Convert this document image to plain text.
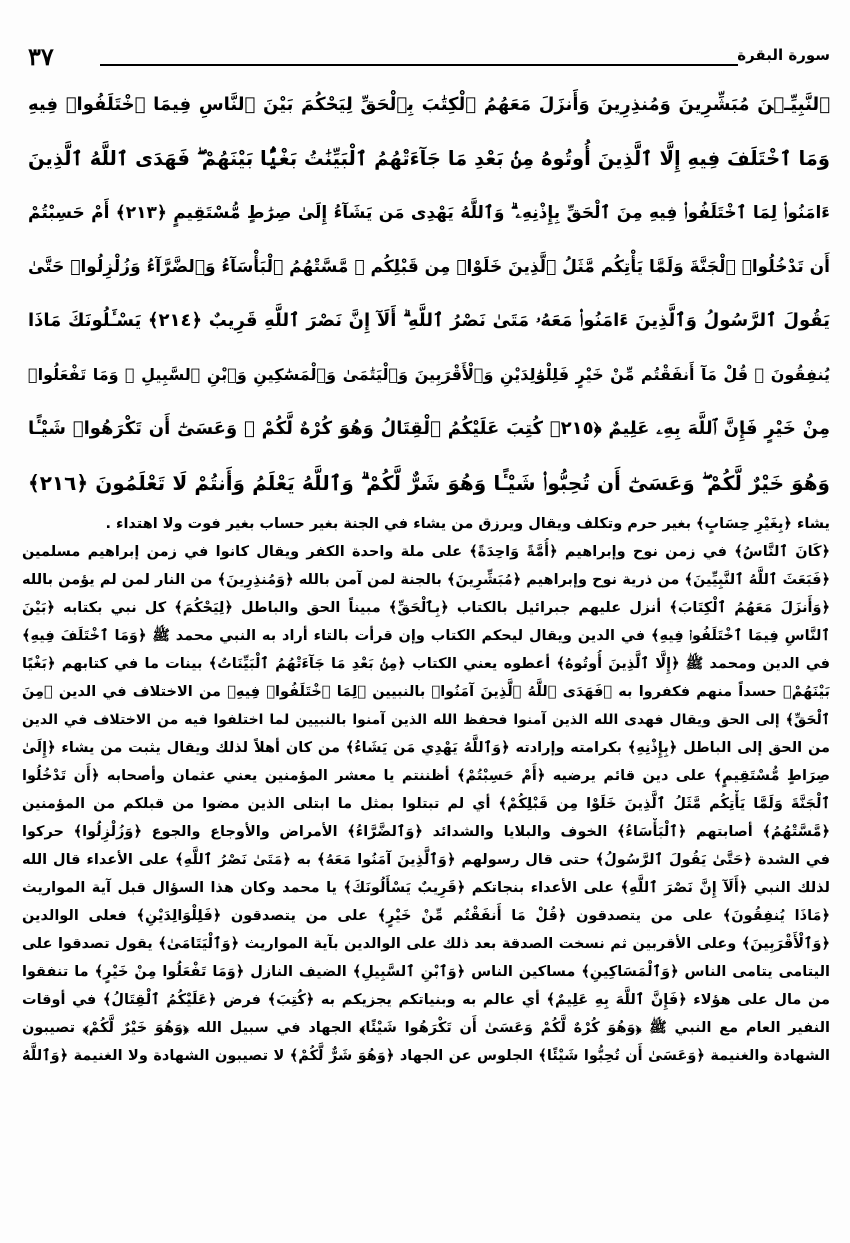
٣٧	سورة البقرة
ٱلنَّبِيِّـۧنَ مُبَشِّرِينَ وَمُنذِرِينَ وَأَنزَلَ مَعَهُمُ ٱلْكِتَٰبَ بِٱلْحَقِّ لِيَحْكُمَ بَيْنَ ٱلنَّاسِ فِيمَا ٱخْتَلَفُوا۟ فِيهِ
وَمَا ٱخْتَلَفَ فِيهِ إِلَّا ٱلَّذِينَ أُوتُوهُ مِنۢ بَعْدِ مَا جَآءَتْهُمُ ٱلْبَيِّنَٰتُ بَغْيًۢا بَيْنَهُمْ ۖ فَهَدَى ٱللَّهُ ٱلَّذِينَ
ءَامَنُوا۟ لِمَا ٱخْتَلَفُوا۟ فِيهِ مِنَ ٱلْحَقِّ بِإِذْنِهِۦ ۗ وَٱللَّهُ يَهْدِى مَن يَشَآءُ إِلَىٰ صِرَٰطٍ مُّسْتَقِيمٍ ﴿٢١٣﴾ أَمْ حَسِبْتُمْ
أَن تَدْخُلُوا۟ ٱلْجَنَّةَ وَلَمَّا يَأْتِكُم مَّثَلُ ٱلَّذِينَ خَلَوْا۟ مِن قَبْلِكُم ۖ مَّسَّتْهُمُ ٱلْبَأْسَآءُ وَٱلضَّرَّآءُ وَزُلْزِلُوا۟ حَتَّىٰ
يَقُولَ ٱلرَّسُولُ وَٱلَّذِينَ ءَامَنُوا۟ مَعَهُۥ مَتَىٰ نَصْرُ ٱللَّهِ ۗ أَلَآ إِنَّ نَصْرَ ٱللَّهِ قَرِيبٌ ﴿٢١٤﴾ يَسْـَٔلُونَكَ مَاذَا
يُنفِقُونَ ۖ قُلْ مَآ أَنفَقْتُم مِّنْ خَيْرٍ فَلِلْوَٰلِدَيْنِ وَٱلْأَقْرَبِينَ وَٱلْيَتَٰمَىٰ وَٱلْمَسَٰكِينِ وَٱبْنِ ٱلسَّبِيلِ ۗ وَمَا تَفْعَلُوا۟
مِنْ خَيْرٍ فَإِنَّ ٱللَّهَ بِهِۦ عَلِيمٌ ﴿٢١٥﴾ كُتِبَ عَلَيْكُمُ ٱلْقِتَالُ وَهُوَ كُرْهٌ لَّكُمْ ۖ وَعَسَىٰٓ أَن تَكْرَهُوا۟ شَيْـًٔا
وَهُوَ خَيْرٌ لَّكُمْ ۖ وَعَسَىٰٓ أَن تُحِبُّوا۟ شَيْـًٔا وَهُوَ شَرٌّ لَّكُمْ ۗ وَٱللَّهُ يَعْلَمُ وَأَنتُمْ لَا تَعْلَمُونَ ﴿٢١٦﴾
يشاء ﴿بِغَيْرِ حِسَابٍ﴾ بغير حرم وتكلف ويقال ويرزق من يشاء في الجنة بغير حساب بغير فوت ولا اهتداء .
﴿كَانَ ٱلنَّاسُ﴾ في زمن نوح وإبراهيم ﴿أُمَّةً وَاحِدَةً﴾ على ملة واحدة الكفر ويقال كانوا في زمن إبراهيم مسلمين
﴿فَبَعَثَ ٱللَّهُ ٱلنَّبِيِّينَ﴾ من ذرية نوح وإبراهيم ﴿مُبَشِّرِينَ﴾ بالجنة لمن آمن بالله ﴿وَمُنذِرِينَ﴾ من النار لمن لم يؤمن بالله
﴿وَأَنزَلَ مَعَهُمُ ٱلْكِتَابَ﴾ أنزل عليهم جبرائيل بالكتاب ﴿بِٱلْحَقِّ﴾ مبيناً الحق والباطل ﴿لِيَحْكُمَ﴾ كل نبي بكتابه ﴿بَيْنَ
ٱلنَّاسِ فِيمَا ٱخْتَلَفُوا۟ فِيهِ﴾ في الدين ويقال ليحكم الكتاب وإن قرأت بالتاء أراد به النبي محمد ﷺ ﴿وَمَا ٱخْتَلَفَ فِيهِ﴾
في الدين ومحمد ﷺ ﴿إِلَّا ٱلَّذِينَ أُوتُوهُ﴾ أعطوه يعني الكتاب ﴿مِنۢ بَعْدِ مَا جَآءَتْهُمُ ٱلْبَيِّنَاتُ﴾ بينات ما في كتابهم ﴿بَغْيًا
بَيْنَهُمْ﴾ حسداً منهم فكفروا به ﴿فَهَدَى ٱللَّهُ ٱلَّذِينَ آمَنُوا﴾ بالنبيين ﴿لِمَا ٱخْتَلَفُوا۟ فِيهِ﴾ من الاختلاف في الدين ﴿مِنَ
ٱلْحَقِّ﴾ إلى الحق ويقال فهدى الله الذين آمنوا فحفظ الله الذين آمنوا بالنبيين لما اختلفوا فيه من الاختلاف في الدين
من الحق إلى الباطل ﴿بِإِذْنِهِ﴾ بكرامته وإرادته ﴿وَٱللَّهُ يَهْدِي مَن يَشَاءُ﴾ من كان أهلاً لذلك ويقال يثبت من يشاء ﴿إِلَىٰ
صِرَاطٍ مُّسْتَقِيمٍ﴾ على دين قائم يرضيه ﴿أَمْ حَسِبْتُمْ﴾ أظننتم يا معشر المؤمنين يعني عثمان وأصحابه ﴿أَن تَدْخُلُوا
ٱلْجَنَّةَ وَلَمَّا يَأْتِكُم مَّثَلُ ٱلَّذِينَ خَلَوْا مِن قَبْلِكُمْ﴾ أي لم تبتلوا بمثل ما ابتلى الذين مضوا من قبلكم من المؤمنين
﴿مَّسَّتْهُمُ﴾ أصابتهم ﴿ٱلْبَأْسَاءُ﴾ الخوف والبلايا والشدائد ﴿وَٱلضَّرَّاءُ﴾ الأمراض والأوجاع والجوع ﴿وَزُلْزِلُوا﴾ حركوا
في الشدة ﴿حَتَّىٰ يَقُولَ ٱلرَّسُولُ﴾ حتى قال رسولهم ﴿وَٱلَّذِينَ آمَنُوا مَعَهُ﴾ به ﴿مَتَىٰ نَصْرُ ٱللَّهِ﴾ على الأعداء قال الله
لذلك النبي ﴿أَلَآ إِنَّ نَصْرَ ٱللَّهِ﴾ على الأعداء بنجاتكم ﴿قَرِيبٌ يَسْأَلُونَكَ﴾ يا محمد وكان هذا السؤال قبل آية المواريث
﴿مَاذَا يُنفِقُونَ﴾ على من يتصدقون ﴿قُلْ مَا أَنفَقْتُم مِّنْ خَيْرٍ﴾ على من يتصدقون ﴿فَلِلْوَالِدَيْنِ﴾ فعلى الوالدين
﴿وَٱلْأَقْرَبِينَ﴾ وعلى الأقربين ثم نسخت الصدقة بعد ذلك على الوالدين بآية المواريث ﴿وَٱلْيَتَامَىٰ﴾ يقول تصدقوا على
اليتامى يتامى الناس ﴿وَٱلْمَسَاكِينِ﴾ مساكين الناس ﴿وَٱبْنِ ٱلسَّبِيلِ﴾ الضيف النازل ﴿وَمَا تَفْعَلُوا مِنْ خَيْرٍ﴾ ما تنفقوا
من مال على هؤلاء ﴿فَإِنَّ ٱللَّهَ بِهِ عَلِيمٌ﴾ أي عالم به وبنياتكم يجزيكم به ﴿كُتِبَ﴾ فرض ﴿عَلَيْكُمُ ٱلْقِتَالُ﴾ في أوقات
النفير العام مع النبي ﷺ ﴿وَهُوَ كُرْهٌ لَّكُمْ وَعَسَىٰ أَن تَكْرَهُوا شَيْئًا﴾ الجهاد في سبيل الله ﴿وَهُوَ خَيْرٌ لَّكُمْ﴾ تصيبون
الشهادة والغنيمة ﴿وَعَسَىٰ أَن تُحِبُّوا شَيْئًا﴾ الجلوس عن الجهاد ﴿وَهُوَ شَرٌّ لَّكُمْ﴾ لا تصيبون الشهادة ولا الغنيمة ﴿وَٱللَّهُ
